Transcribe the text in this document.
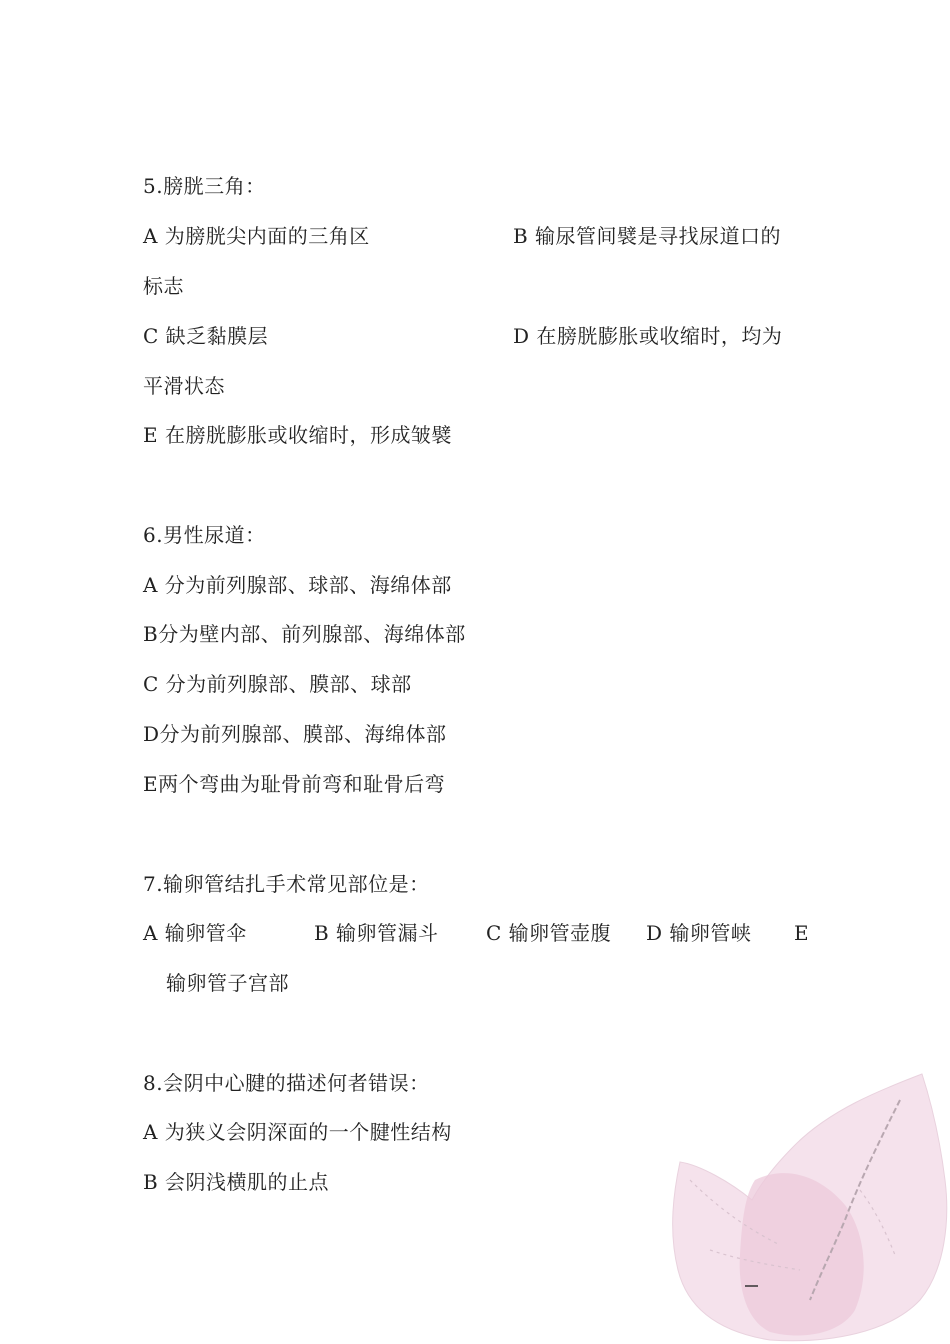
5.膀胱三角：
A 为膀胱尖内面的三角区	B 输尿管间襞是寻找尿道口的
标志
C 缺乏黏膜层	D 在膀胱膨胀或收缩时，均为
平滑状态
E 在膀胱膨胀或收缩时，形成皱襞
6.男性尿道：
A 分为前列腺部、球部、海绵体部
B分为壁内部、前列腺部、海绵体部
C 分为前列腺部、膜部、球部
D分为前列腺部、膜部、海绵体部
E两个弯曲为耻骨前弯和耻骨后弯
7.输卵管结扎手术常见部位是：
A 输卵管伞	B 输卵管漏斗 C 输卵管壶腹 D 输卵管峡 E
输卵管子宫部
8.会阴中心腱的描述何者错误：
A 为狭义会阴深面的一个腱性结构
B 会阴浅横肌的止点
